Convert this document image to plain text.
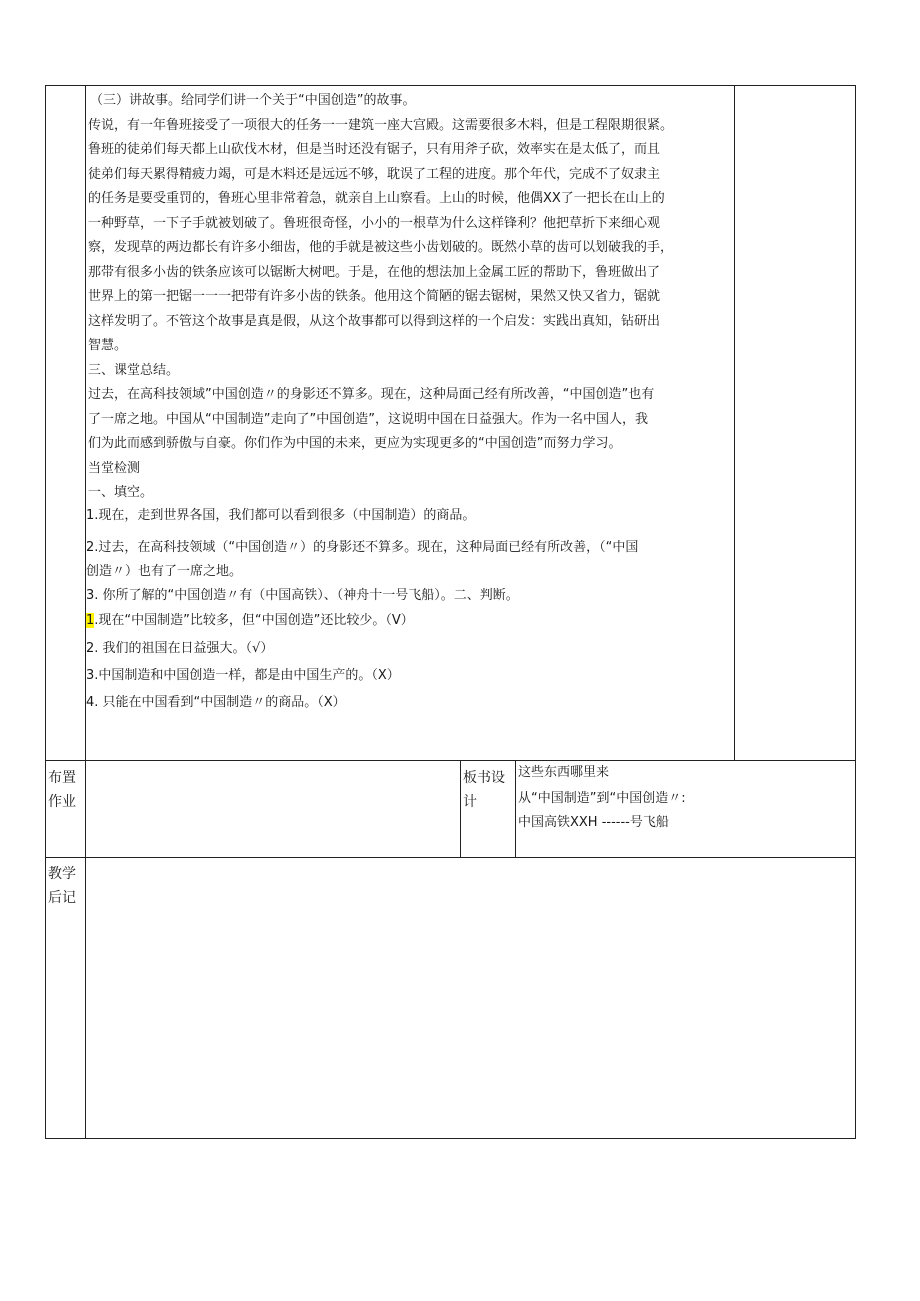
（三）讲故事。给同学们讲一个关于“中国创造”的故事。
传说，有一年鲁班接受了一项很大的任务一一建筑一座大宫殿。这需要很多木料，但是工程限期很紧。
鲁班的徒弟们每天都上山砍伐木材，但是当时还没有锯子，只有用斧子砍，效率实在是太低了，而且
徒弟们每天累得精疲力竭，可是木料还是远远不够，耽误了工程的进度。那个年代，完成不了奴隶主
的任务是要受重罚的，鲁班心里非常着急，就亲自上山察看。上山的时候，他偶XX了一把长在山上的
一种野草，一下子手就被划破了。鲁班很奇怪，小小的一根草为什么这样锋利？他把草折下来细心观
察，发现草的两边都长有许多小细齿，他的手就是被这些小齿划破的。既然小草的齿可以划破我的手，
那带有很多小齿的铁条应该可以锯断大树吧。于是，在他的想法加上金属工匠的帮助下，鲁班做出了
世界上的第一把锯一一一把带有许多小齿的铁条。他用这个简陋的锯去锯树，果然又快又省力，锯就
这样发明了。不管这个故事是真是假，从这个故事都可以得到这样的一个启发：实践出真知，钻研出
智慧。
三、课堂总结。
过去，在高科技领域”中国创造〃的身影还不算多。现在，这种局面己经有所改善，“中国创造”也有
了一席之地。中国从“中国制造”走向了”中国创造”，这说明中国在日益强大。作为一名中国人，我
们为此而感到骄傲与自豪。你们作为中国的未来，更应为实现更多的“中国创造”而努力学习。
当堂检测
一、填空。
1.现在，走到世界各国，我们都可以看到很多（中国制造）的商品。
2.过去，在高科技领域（“中国创造〃）的身影还不算多。现在，这种局面已经有所改善，（“中国
创造〃）也有了一席之地。
3. 你所了解的“中国创造〃有（中国高铁）、（神舟十一号飞船）。二、判断。
1.现在“中国制造”比较多，但“中国创造”还比较少。（V）
2. 我们的祖国在日益强大。（√）
3.中国制造和中国创造一样，都是由中国生产的。（X）
4. 只能在中国看到“中国制造〃的商品。（X）
布置
作业
板书设
计
这些东西哪里来
从“中国制造”到“中国创造〃:
中国高铁XXH ------号飞船
教学
后记
